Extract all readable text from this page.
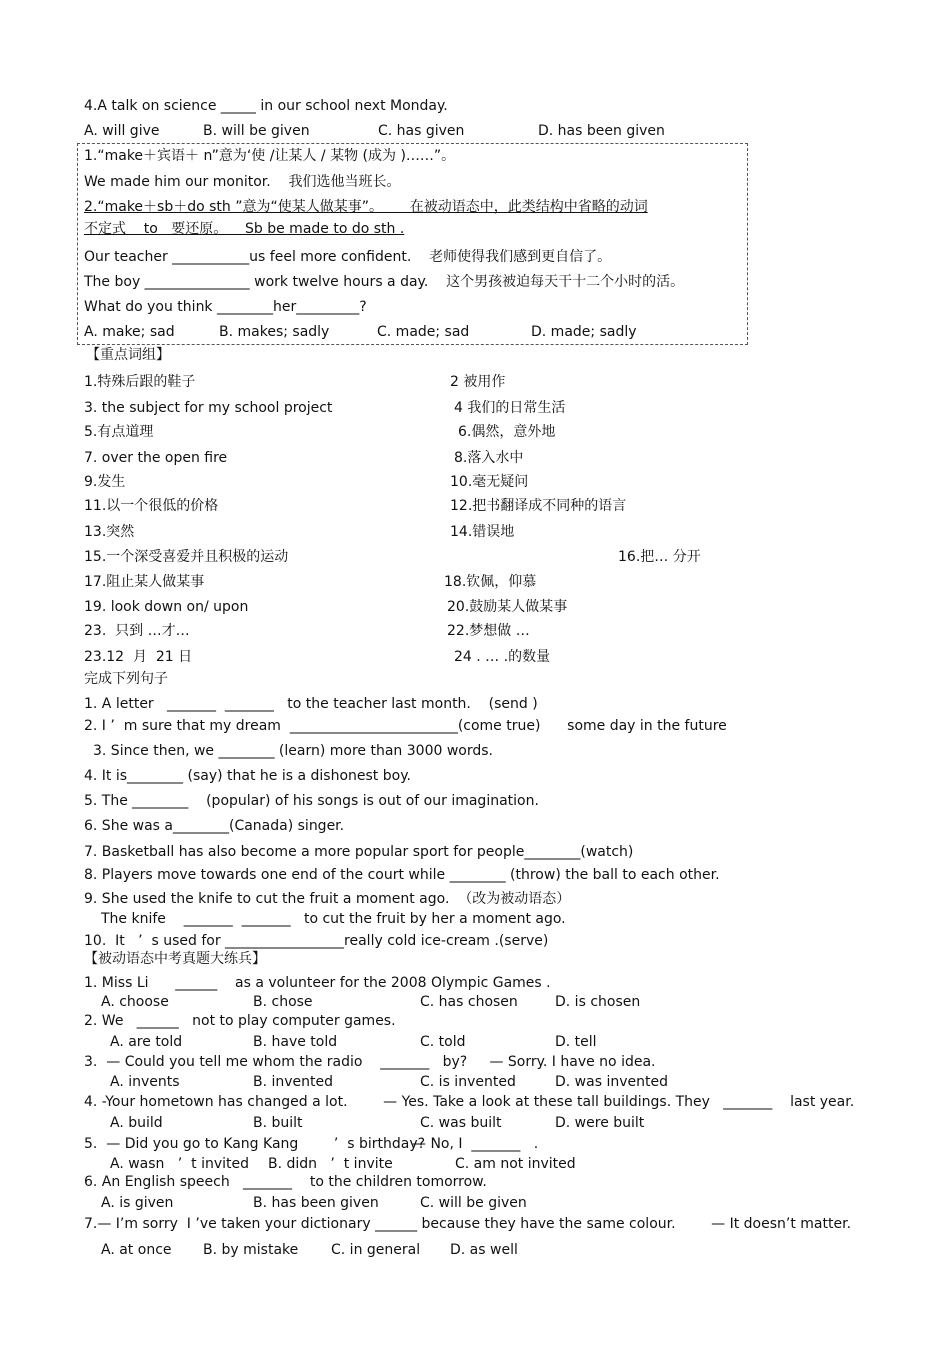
4.A talk on science _____ in our school next Monday.
A. will give	B. will be given	C. has given	D. has been given
1.“make＋宾语＋ n”意为‘使 /让某人 / 某物 (成为 )……”。
We made him our monitor.    我们选他当班长。
2.“make＋sb＋do sth ”意为“使某人做某事”。      在被动语态中，此类结构中省略的动词
不定式    to   要还原。    Sb be made to do sth .
Our teacher ___________us feel more confident.    老师使得我们感到更自信了。
The boy _______________ work twelve hours a day.    这个男孩被迫每天干十二个小时的活。
What do you think ________her_________?
A. make; sad	B. makes; sadly	C. made; sad	D. made; sadly
【重点词组】
1.特殊后跟的鞋子	2 被用作
3. the subject for my school project	4 我们的日常生活
5.有点道理	6.偶然，意外地
7. over the open fire	8.落入水中
9.发生	10.毫无疑问
11.以一个很低的价格	12.把书翻译成不同种的语言
13.突然	14.错误地
15.一个深受喜爱并且积极的运动	16.把… 分开
17.阻止某人做某事	18.钦佩，仰慕
19. look down on/ upon	20.鼓励某人做某事
23.  只到 …才…	22.梦想做 …
23.12  月  21 日	24 . … .的数量
完成下列句子
1. A letter   _______  _______   to the teacher last month.    (send )
2. I ’  m sure that my dream  ________________________(come true)      some day in the future
3. Since then, we ________ (learn) more than 3000 words.
4. It is________ (say) that he is a dishonest boy.
5. The ________    (popular) of his songs is out of our imagination.
6. She was a________(Canada) singer.
7. Basketball has also become a more popular sport for people________(watch)
8. Players move towards one end of the court while ________ (throw) the ball to each other.
9. She used the knife to cut the fruit a moment ago.  （改为被动语态）
The knife    _______  _______   to cut the fruit by her a moment ago.
10.  It   ’  s used for _________________really cold ice-cream .(serve)
【被动语态中考真题大练兵】
1. Miss Li      ______    as a volunteer for the 2008 Olympic Games .
A. choose	B. chose	C. has chosen	D. is chosen
2. We   ______   not to play computer games.
A. are told	B. have told	C. told	D. tell
3.  — Could you tell me whom the radio    _______   by?     — Sorry. I have no idea.
A. invents	B. invented	C. is invented	D. was invented
4. -Your hometown has changed a lot.        — Yes. Take a look at these tall buildings. They   _______    last year.
A. build	B. built	C. was built	D. were built
5.  — Did you go to Kang Kang        ’  s birthday?
— No, I  _______   .
A. wasn   ’  t invited B. didn   ’  t invite	C. am not invited
6. An English speech   _______    to the children tomorrow.
A. is given	B. has been given	C. will be given
7.— I’m sorry  I ’ve taken your dictionary ______ because they have the same colour.        — It doesn’t matter.
A. at once B. by mistake C. in general D. as well
